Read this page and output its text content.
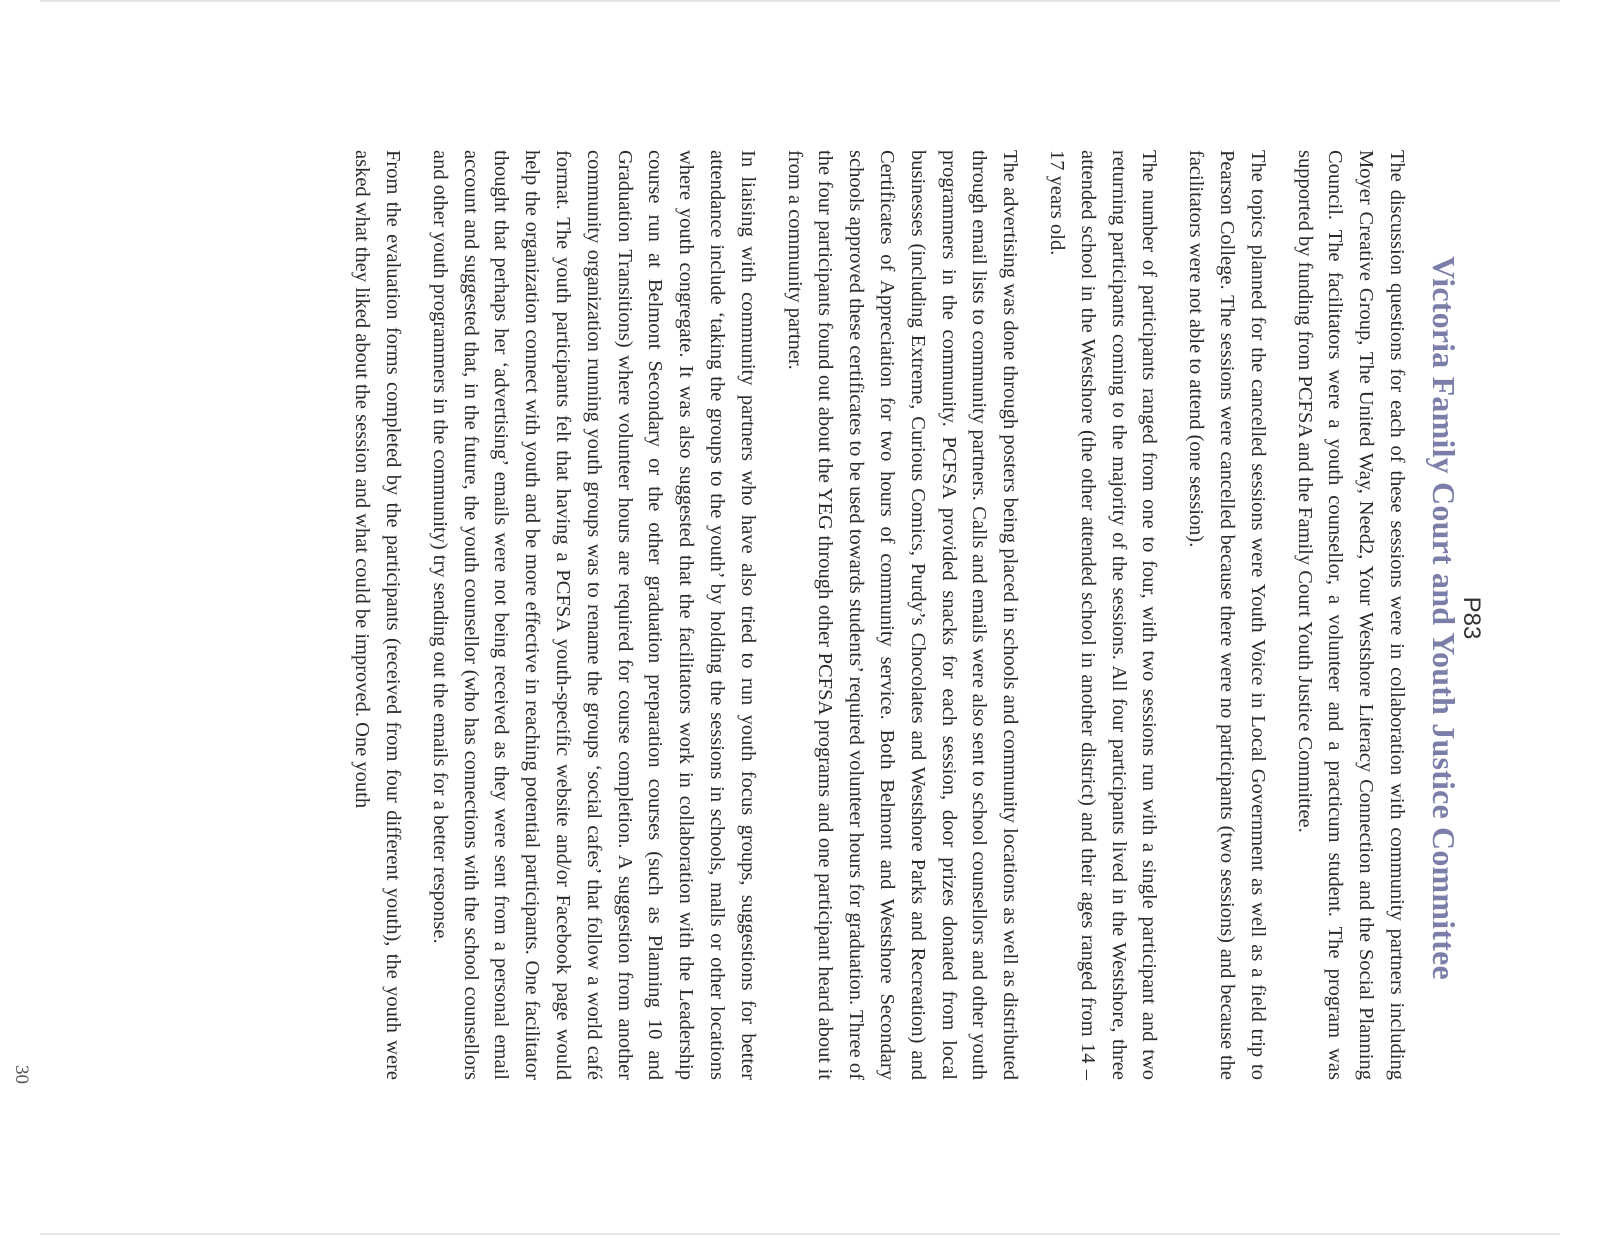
P83
Victoria Family Court and Youth Justice Committee

The discussion questions for each of these sessions were in collaboration with community partners including Moyer Creative Group, The United Way, Need2, Your Westshore Literacy Connection and the Social Planning Council. The facilitators were a youth counsellor, a volunteer and a practicum student. The program was supported by funding from PCFSA and the Family Court Youth Justice Committee.

The topics planned for the cancelled sessions were Youth Voice in Local Government as well as a field trip to Pearson College. The sessions were cancelled because there were no participants (two sessions) and because the facilitators were not able to attend (one session).

The number of participants ranged from one to four, with two sessions run with a single participant and two returning participants coming to the majority of the sessions. All four participants lived in the Westshore, three attended school in the Westshore (the other attended school in another district) and their ages ranged from 14 – 17 years old.

The advertising was done through posters being placed in schools and community locations as well as distributed through email lists to community partners. Calls and emails were also sent to school counsellors and other youth programmers in the community. PCFSA provided snacks for each session, door prizes donated from local businesses (including Extreme, Curious Comics, Purdy’s Chocolates and Westshore Parks and Recreation) and Certificates of Appreciation for two hours of community service. Both Belmont and Westshore Secondary schools approved these certificates to be used towards students’ required volunteer hours for graduation. Three of the four participants found out about the YEG through other PCFSA programs and one participant heard about it from a community partner.

In liaising with community partners who have also tried to run youth focus groups, suggestions for better attendance include ‘taking the groups to the youth’ by holding the sessions in schools, malls or other locations where youth congregate. It was also suggested that the facilitators work in collaboration with the Leadership course run at Belmont Secondary or the other graduation preparation courses (such as Planning 10 and Graduation Transitions) where volunteer hours are required for course completion. A suggestion from another community organization running youth groups was to rename the groups ‘social cafes’ that follow a world café format. The youth participants felt that having a PCFSA youth-specific website and/or Facebook page would help the organization connect with youth and be more effective in reaching potential participants. One facilitator thought that perhaps her ‘advertising’ emails were not being received as they were sent from a personal email account and suggested that, in the future, the youth counsellor (who has connections with the school counsellors and other youth programmers in the community) try sending out the emails for a better response.

From the evaluation forms completed by the participants (received from four different youth), the youth were asked what they liked about the session and what could be improved. One youth

30
